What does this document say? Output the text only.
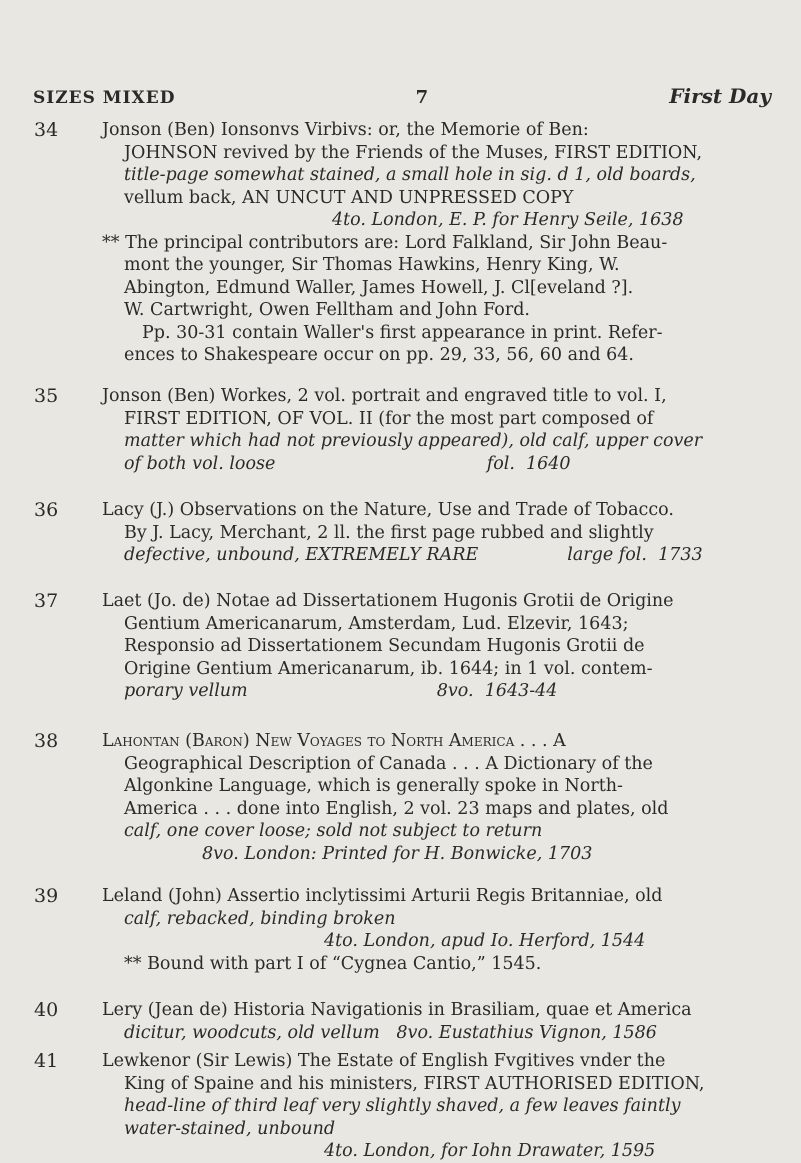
SIZES MIXED	7	First Day
34	Jonson (Ben) Ionsonvs Virbivs: or, the Memorie of Ben:
JOHNSON revived by the Friends of the Muses, FIRST EDITION,
title-page somewhat stained, a small hole in sig. d 1, old boards,
vellum back, AN UNCUT AND UNPRESSED COPY
4to. London, E. P. for Henry Seile, 1638
** The principal contributors are: Lord Falkland, Sir John Beau-
mont the younger, Sir Thomas Hawkins, Henry King, W.
Abington, Edmund Waller, James Howell, J. Cl[eveland ?].
W. Cartwright, Owen Felltham and John Ford.
Pp. 30-31 contain Waller's first appearance in print. Refer-
ences to Shakespeare occur on pp. 29, 33, 56, 60 and 64.
35	Jonson (Ben) Workes, 2 vol. portrait and engraved title to vol. I,
FIRST EDITION, OF VOL. II (for the most part composed of
matter which had not previously appeared), old calf, upper cover
of both vol. loose                                      fol.  1640
36	Lacy (J.) Observations on the Nature, Use and Trade of Tobacco.
By J. Lacy, Merchant, 2 ll. the first page rubbed and slightly
defective, unbound, EXTREMELY RARE                large fol.  1733
37	Laet (Jo. de) Notae ad Dissertationem Hugonis Grotii de Origine
Gentium Americanarum, Amsterdam, Lud. Elzevir, 1643;
Responsio ad Dissertationem Secundam Hugonis Grotii de
Origine Gentium Americanarum, ib. 1644; in 1 vol. contem-
porary vellum                                  8vo.  1643-44
38	Lahontan (Baron) New Voyages to North America . . . A
Geographical Description of Canada . . . A Dictionary of the
Algonkine Language, which is generally spoke in North-
America . . . done into English, 2 vol. 23 maps and plates, old
calf, one cover loose; sold not subject to return
8vo. London: Printed for H. Bonwicke, 1703
39	Leland (John) Assertio inclytissimi Arturii Regis Britanniae, old
calf, rebacked, binding broken
4to. London, apud Io. Herford, 1544
** Bound with part I of “Cygnea Cantio,” 1545.
40	Lery (Jean de) Historia Navigationis in Brasiliam, quae et America
dicitur, woodcuts, old vellum   8vo. Eustathius Vignon, 1586
41	Lewkenor (Sir Lewis) The Estate of English Fvgitives vnder the
King of Spaine and his ministers, FIRST AUTHORISED EDITION,
head-line of third leaf very slightly shaved, a few leaves faintly
water-stained, unbound
4to. London, for Iohn Drawater, 1595
